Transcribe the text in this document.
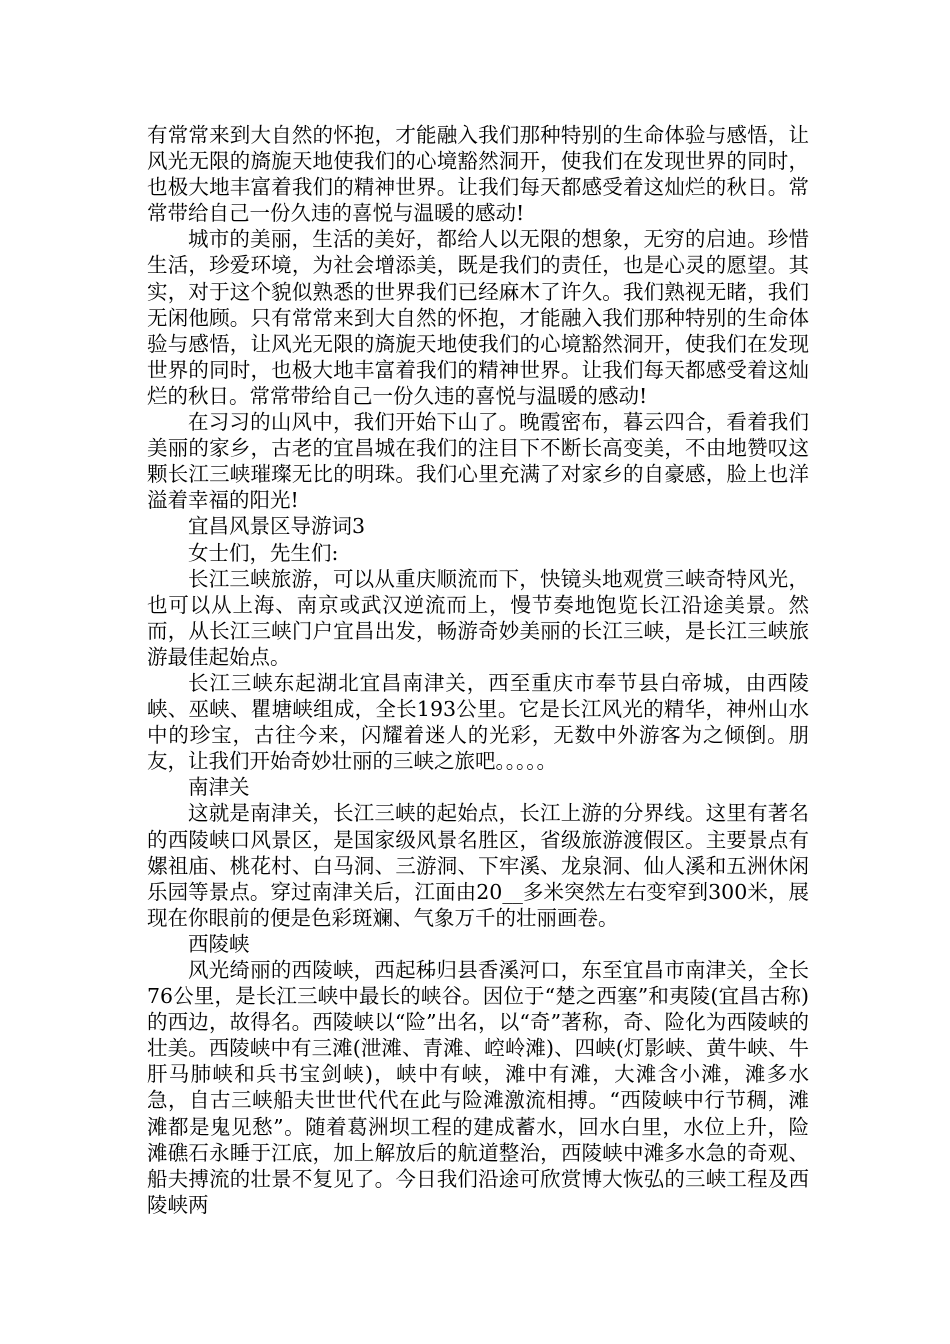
有常常来到大自然的怀抱，才能融入我们那种特别的生命体验与感悟，让风光无限的旖旎天地使我们的心境豁然洞开，使我们在发现世界的同时，也极大地丰富着我们的精神世界。让我们每天都感受着这灿烂的秋日。常常带给自己一份久违的喜悦与温暖的感动!

城市的美丽，生活的美好，都给人以无限的想象，无穷的启迪。珍惜生活，珍爱环境，为社会增添美，既是我们的责任，也是心灵的愿望。其实，对于这个貌似熟悉的世界我们已经麻木了许久。我们熟视无睹，我们无闲他顾。只有常常来到大自然的怀抱，才能融入我们那种特别的生命体验与感悟，让风光无限的旖旎天地使我们的心境豁然洞开，使我们在发现世界的同时，也极大地丰富着我们的精神世界。让我们每天都感受着这灿烂的秋日。常常带给自己一份久违的喜悦与温暖的感动!

在习习的山风中，我们开始下山了。晚霞密布，暮云四合，看着我们美丽的家乡，古老的宜昌城在我们的注目下不断长高变美，不由地赞叹这颗长江三峡璀璨无比的明珠。我们心里充满了对家乡的自豪感，脸上也洋溢着幸福的阳光!

宜昌风景区导游词3

女士们，先生们:

长江三峡旅游，可以从重庆顺流而下，快镜头地观赏三峡奇特风光，也可以从上海、南京或武汉逆流而上，慢节奏地饱览长江沿途美景。然而，从长江三峡门户宜昌出发，畅游奇妙美丽的长江三峡，是长江三峡旅游最佳起始点。

长江三峡东起湖北宜昌南津关，西至重庆市奉节县白帝城，由西陵峡、巫峡、瞿塘峡组成，全长193公里。它是长江风光的精华，神州山水中的珍宝，古往今来，闪耀着迷人的光彩，无数中外游客为之倾倒。朋友，让我们开始奇妙壮丽的三峡之旅吧。。。。。

南津关

这就是南津关，长江三峡的起始点，长江上游的分界线。这里有著名的西陵峡口风景区，是国家级风景名胜区，省级旅游渡假区。主要景点有嫘祖庙、桃花村、白马洞、三游洞、下牢溪、龙泉洞、仙人溪和五洲休闲乐园等景点。穿过南津关后，江面由20__多米突然左右变窄到300米，展现在你眼前的便是色彩斑斓、气象万千的壮丽画卷。

西陵峡

风光绮丽的西陵峡，西起秭归县香溪河口，东至宜昌市南津关，全长76公里，是长江三峡中最长的峡谷。因位于“楚之西塞”和夷陵(宜昌古称)的西边，故得名。西陵峡以“险”出名，以“奇”著称，奇、险化为西陵峡的壮美。西陵峡中有三滩(泄滩、青滩、崆岭滩)、四峡(灯影峡、黄牛峡、牛肝马肺峡和兵书宝剑峡)，峡中有峡，滩中有滩，大滩含小滩，滩多水急，自古三峡船夫世世代代在此与险滩激流相搏。“西陵峡中行节稠，滩滩都是鬼见愁”。随着葛洲坝工程的建成蓄水，回水白里，水位上升，险滩礁石永睡于江底，加上解放后的航道整治，西陵峡中滩多水急的奇观、船夫搏流的壮景不复见了。今日我们沿途可欣赏博大恢弘的三峡工程及西陵峡两
